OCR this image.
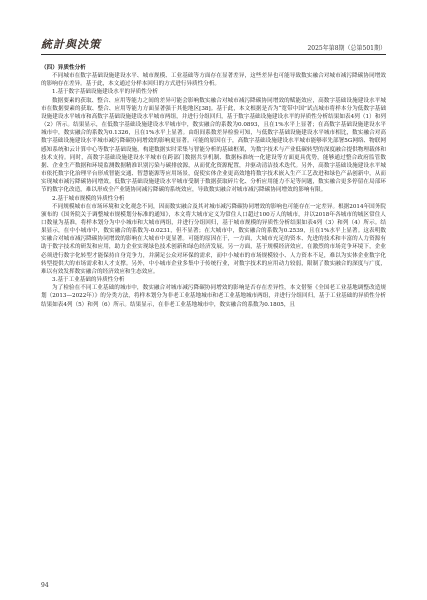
統計與決策	2025年第8期（总第501期）

（四）异质性分析

不同城市在数字基础设施建设水平、城市规模、工业基础等方面存在显著差异，这些差异也可能导致数实融合对城市减污降碳协同增效的影响存在差异。基于此，本文通过分样本回归的方式进行异质性分析。

1.基于数字基础设施建设水平的异质性分析

数据要素的获取、整合、应用等能力之间的差异可能会影响数实融合对城市减污降碳协同增效的赋能效应，高数字基础设施建设水平城市在数据要素的获取、整合、应用等能力方面显著强于其他地区[38]。基于此，本文根据是否为“宽带中国”试点城市将样本分为低数字基础设施建设水平城市和高数字基础设施建设水平城市两组，并进行分组回归，基于数字基础设施建设水平的异质性分析结果如表4列（1）和列（2）所示。结果显示，在低数字基础设施建设水平城市中，数实融合的系数为0.0893，且在1%水平上显著；在高数字基础设施建设水平城市中，数实融合的系数为0.1326，且在1%水平上显著。由组间系数差异检验可知，与低数字基础设施建设水平城市相比，数实融合对高数字基础设施建设水平城市减污降碳协同增效的影响更显著。可能的原因在于，高数字基础设施建设水平城市能够率先部署5G网络、物联网感知系统和云计算中心等数字基础设施，构建数据实时采集与智能分析的基础框架，为数字技术与产业低碳转型的深度融合提供物理载体和技术支持。同时，高数字基础设施建设水平城市在跨部门数据共享机制、数据标准统一化建设等方面更具优势，能够通过整合政府监管数据、企业生产数据和环境监测数据精准识别污染与碳排放源，从而优化资源配置，并驱动清洁技术迭代。另外，高数字基础设施建设水平城市依托数字化治理平台形成智能交通、智慧能源等应用场景，促使实体企业更高效地将数字技术嵌入生产工艺改进和绿色产品创新中，从而实现城市减污降碳协同增效。低数字基础设施建设水平城市受制于数据获取碎片化、分析应用能力不足等问题，数实融合更多停留在局部环节的数字化改造，难以形成全产业链协同减污降碳的系统效应，导致数实融合对城市减污降碳协同增效的影响有限。

2.基于城市规模的异质性分析

不同规模城市在市场环境和文化观念不同，因而数实融合及其对城市减污降碳协同增效的影响也可能存在一定差异。根据2014年国务院颁布的《国务院关于调整城市规模划分标准的通知》，本文将大城市定义为常住人口超过100万人的城市，并以2018年各城市的城区常住人口数量为基准，将样本划分为中小城市和大城市两组，并进行分组回归，基于城市规模的异质性分析结果如表4列（3）和列（4）所示。结果显示，在中小城市中，数实融合的系数为-0.0231，但不显著；在大城市中，数实融合的系数为0.2539，且在1%水平上显著。这表明数实融合对城市减污降碳协同增效的影响在大城市中更显著。可能的原因在于，一方面，大城市充足的资本、先进的技术和丰富的人力资源有助于数字技术的研发和应用，助力企业实现绿色技术创新和绿色经济发展。另一方面，基于规模经济效应，在激烈的市场竞争环境下，企业必须进行数字化转型才能保持自身竞争力，并满足公众对环保的需求，而中小城市的市场规模较小、人力资本不足，难以为实体企业数字化转型提供大的市场需求和人才支撑。另外，中小城市企业多集中于传统行业，对数字技术的应用动力较弱，限制了数实融合的深度与广度，难以有效发挥数实融合的经济效应和生态效应。

3.基于工业基础的异质性分析

为了检验在不同工业基础的城市中，数实融合对城市减污降碳协同增效的影响是否存在差异性，本文借鉴《全国老工业基地调整改造规划（2013—2022年）》的分类方法，将样本划分为非老工业基地城市和老工业基地城市两组，并进行分组回归，基于工业基础的异质性分析结果如表4列（5）和列（6）所示。结果显示，在非老工业基地城市中，数实融合的系数为0.1805，且

94
